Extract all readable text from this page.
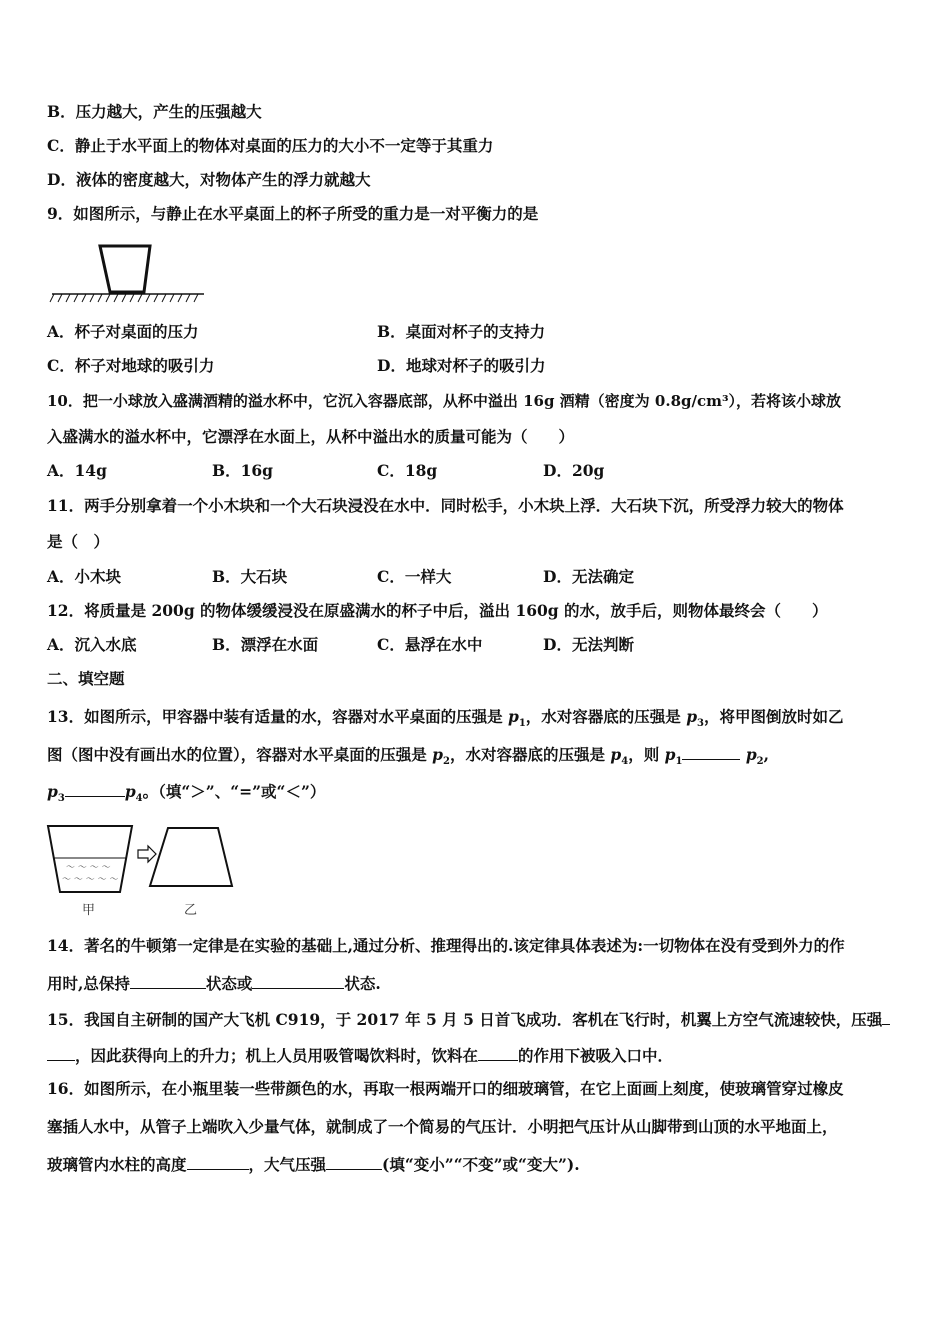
B．压力越大，产生的压强越大
C．静止于水平面上的物体对桌面的压力的大小不一定等于其重力
D．液体的密度越大，对物体产生的浮力就越大
9．如图所示，与静止在水平桌面上的杯子所受的重力是一对平衡力的是
A．杯子对桌面的压力	B．桌面对杯子的支持力
C．杯子对地球的吸引力	D．地球对杯子的吸引力
10．把一小球放入盛满酒精的溢水杯中，它沉入容器底部，从杯中溢出 16g 酒精（密度为 0.8g/cm³），若将该小球放
入盛满水的溢水杯中，它漂浮在水面上，从杯中溢出水的质量可能为（　　）
A．14g	B．16g	C．18g	D．20g
11．两手分别拿着一个小木块和一个大石块浸没在水中．同时松手，小木块上浮．大石块下沉，所受浮力较大的物体
是（　）
A．小木块	B．大石块	C．一样大	D．无法确定
12．将质量是 200g 的物体缓缓浸没在原盛满水的杯子中后，溢出 160g 的水，放手后，则物体最终会（　　）
A．沉入水底	B．漂浮在水面	C．悬浮在水中	D．无法判断
二、填空题
13．如图所示，甲容器中装有适量的水，容器对水平桌面的压强是 $p_1$，水对容器底的压强是 $p_3$，将甲图倒放时如乙
图（图中没有画出水的位置），容器对水平桌面的压强是 $p_2$，水对容器底的压强是 $p_4$，则 $p_1$	$p_2$,
$p_3$	$p_4$。（填“＞”、“=”或“＜”）
～ ～ ～ ～
～ ～ ～ ～ ～
甲	乙
14．著名的牛顿第一定律是在实验的基础上,通过分析、推理得出的.该定律具体表述为:一切物体在没有受到外力的作
用时,总保持	状态或	状态.
15．我国自主研制的国产大飞机 C919，于 2017 年 5 月 5 日首飞成功．客机在飞行时，机翼上方空气流速较快，压强
，因此获得向上的升力；机上人员用吸管喝饮料时，饮料在	的作用下被吸入口中．
16．如图所示，在小瓶里装一些带颜色的水，再取一根两端开口的细玻璃管，在它上面画上刻度，使玻璃管穿过橡皮
塞插人水中，从管子上端吹入少量气体，就制成了一个简易的气压计．小明把气压计从山脚带到山顶的水平地面上，
玻璃管内水柱的高度	，大气压强	(填“变小”“不变”或“变大”).
